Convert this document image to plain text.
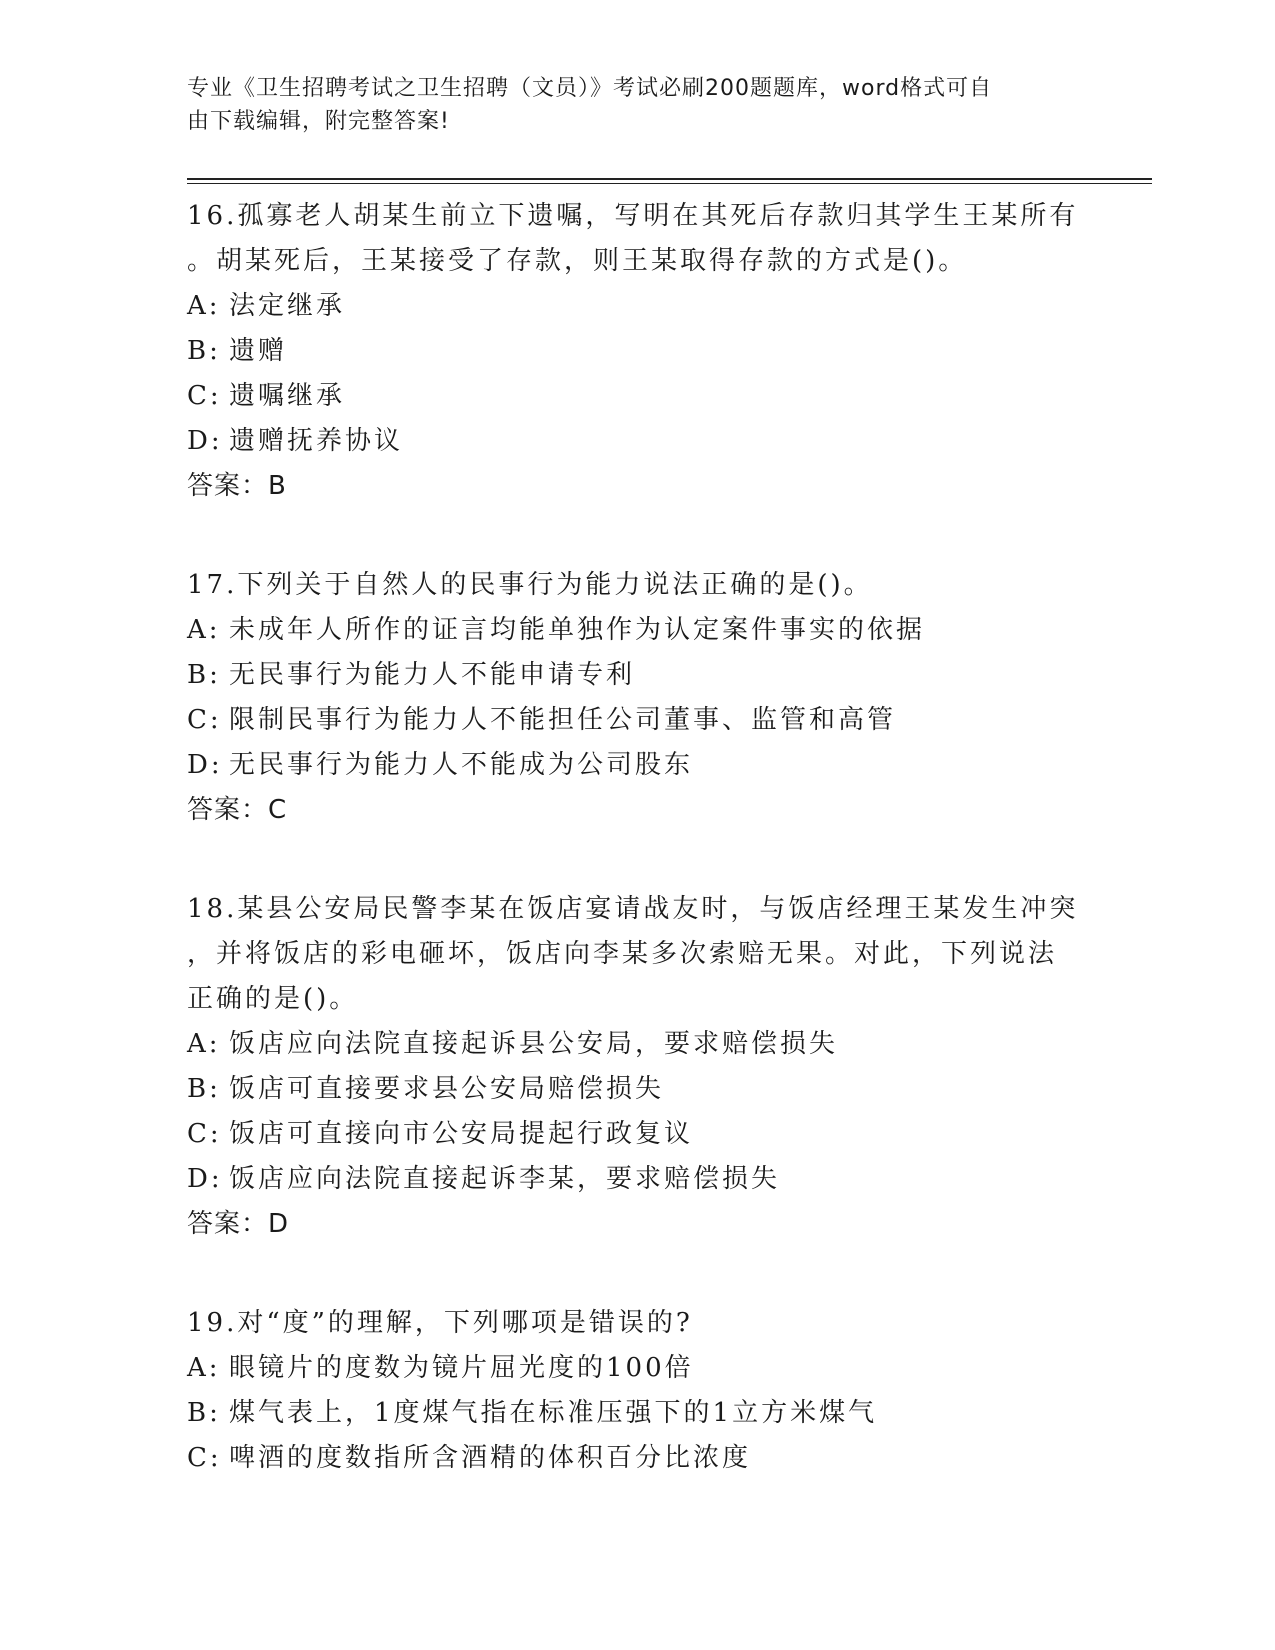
专业《卫生招聘考试之卫生招聘（文员）》考试必刷200题题库，word格式可自
由下载编辑，附完整答案!
16.孤寡老人胡某生前立下遗嘱，写明在其死后存款归其学生王某所有
。胡某死后，王某接受了存款，则王某取得存款的方式是()。
A: 法定继承
B: 遗赠
C: 遗嘱继承
D: 遗赠抚养协议
答案：B
17.下列关于自然人的民事行为能力说法正确的是()。
A: 未成年人所作的证言均能单独作为认定案件事实的依据
B: 无民事行为能力人不能申请专利
C: 限制民事行为能力人不能担任公司董事、监管和高管
D: 无民事行为能力人不能成为公司股东
答案：C
18.某县公安局民警李某在饭店宴请战友时，与饭店经理王某发生冲突
，并将饭店的彩电砸坏，饭店向李某多次索赔无果。对此，下列说法
正确的是()。
A: 饭店应向法院直接起诉县公安局，要求赔偿损失
B: 饭店可直接要求县公安局赔偿损失
C: 饭店可直接向市公安局提起行政复议
D: 饭店应向法院直接起诉李某，要求赔偿损失
答案：D
19.对“度”的理解，下列哪项是错误的?
A: 眼镜片的度数为镜片屈光度的100倍
B: 煤气表上，1度煤气指在标准压强下的1立方米煤气
C: 啤酒的度数指所含酒精的体积百分比浓度
